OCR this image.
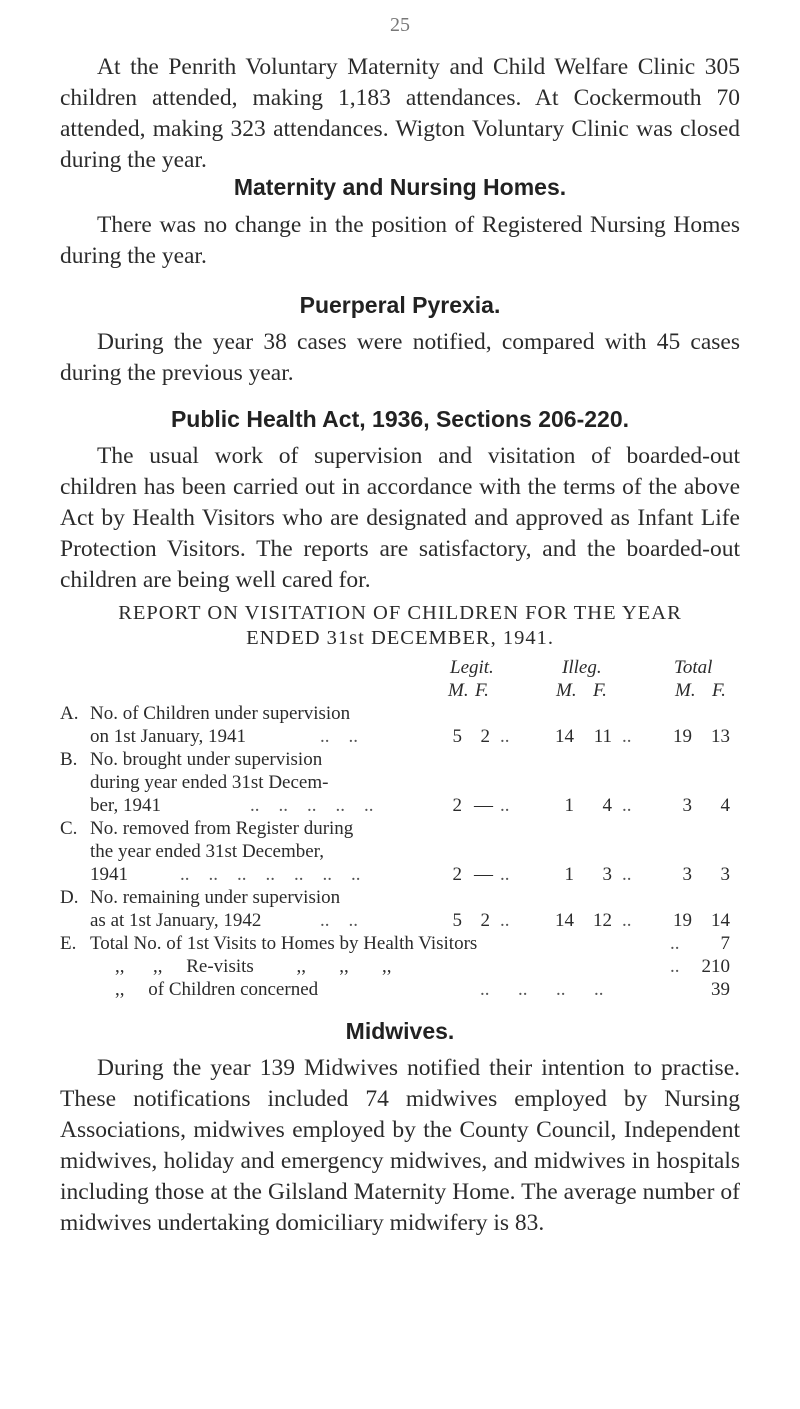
25

At the Penrith Voluntary Maternity and Child Welfare Clinic 305 children attended, making 1,183 attendances. At Cockermouth 70 attended, making 323 attendances. Wigton Voluntary Clinic was closed during the year.

Maternity and Nursing Homes.

There was no change in the position of Registered Nursing Homes during the year.

Puerperal Pyrexia.

During the year 38 cases were notified, compared with 45 cases during the previous year.

Public Health Act, 1936, Sections 206-220.

The usual work of supervision and visitation of boarded-out children has been carried out in accordance with the terms of the above Act by Health Visitors who are designated and approved as Infant Life Protection Visitors. The reports are satisfactory, and the boarded-out children are being well cared for.

REPORT ON VISITATION OF CHILDREN FOR THE YEAR
ENDED 31st DECEMBER, 1941.
Legit.	Illeg.	Total
M. F.	M. F.	M. F.
A. No. of Children under supervision
on 1st January, 1941	..    ..	5 2 ..	14	11 ..	19	13
B. No. brought under supervision
during year ended 31st Decem-
ber, 1941	..    ..    ..    ..    ..	2 — ..	1	4 ..	3	4
C. No. removed from Register during
the year ended 31st December,
1941	..    ..    ..    ..    ..    ..    ..	2 — ..	1	3 ..	3	3
D. No. remaining under supervision
as at 1st January, 1942	..    ..	5 2 ..	14	12 ..	19	14
E. Total No. of 1st Visits to Homes by Health Visitors	..	7
,,      ,,     Re-visits         ,,       ,,       ,,	.. 210
,,     of Children concerned	..      ..      ..      ..	39
Midwives.

During the year 139 Midwives notified their intention to practise. These notifications included 74 midwives employed by Nursing Associations, midwives employed by the County Council, Independent midwives, holiday and emergency midwives, and midwives in hospitals including those at the Gilsland Maternity Home. The average number of midwives undertaking domiciliary midwifery is 83.
